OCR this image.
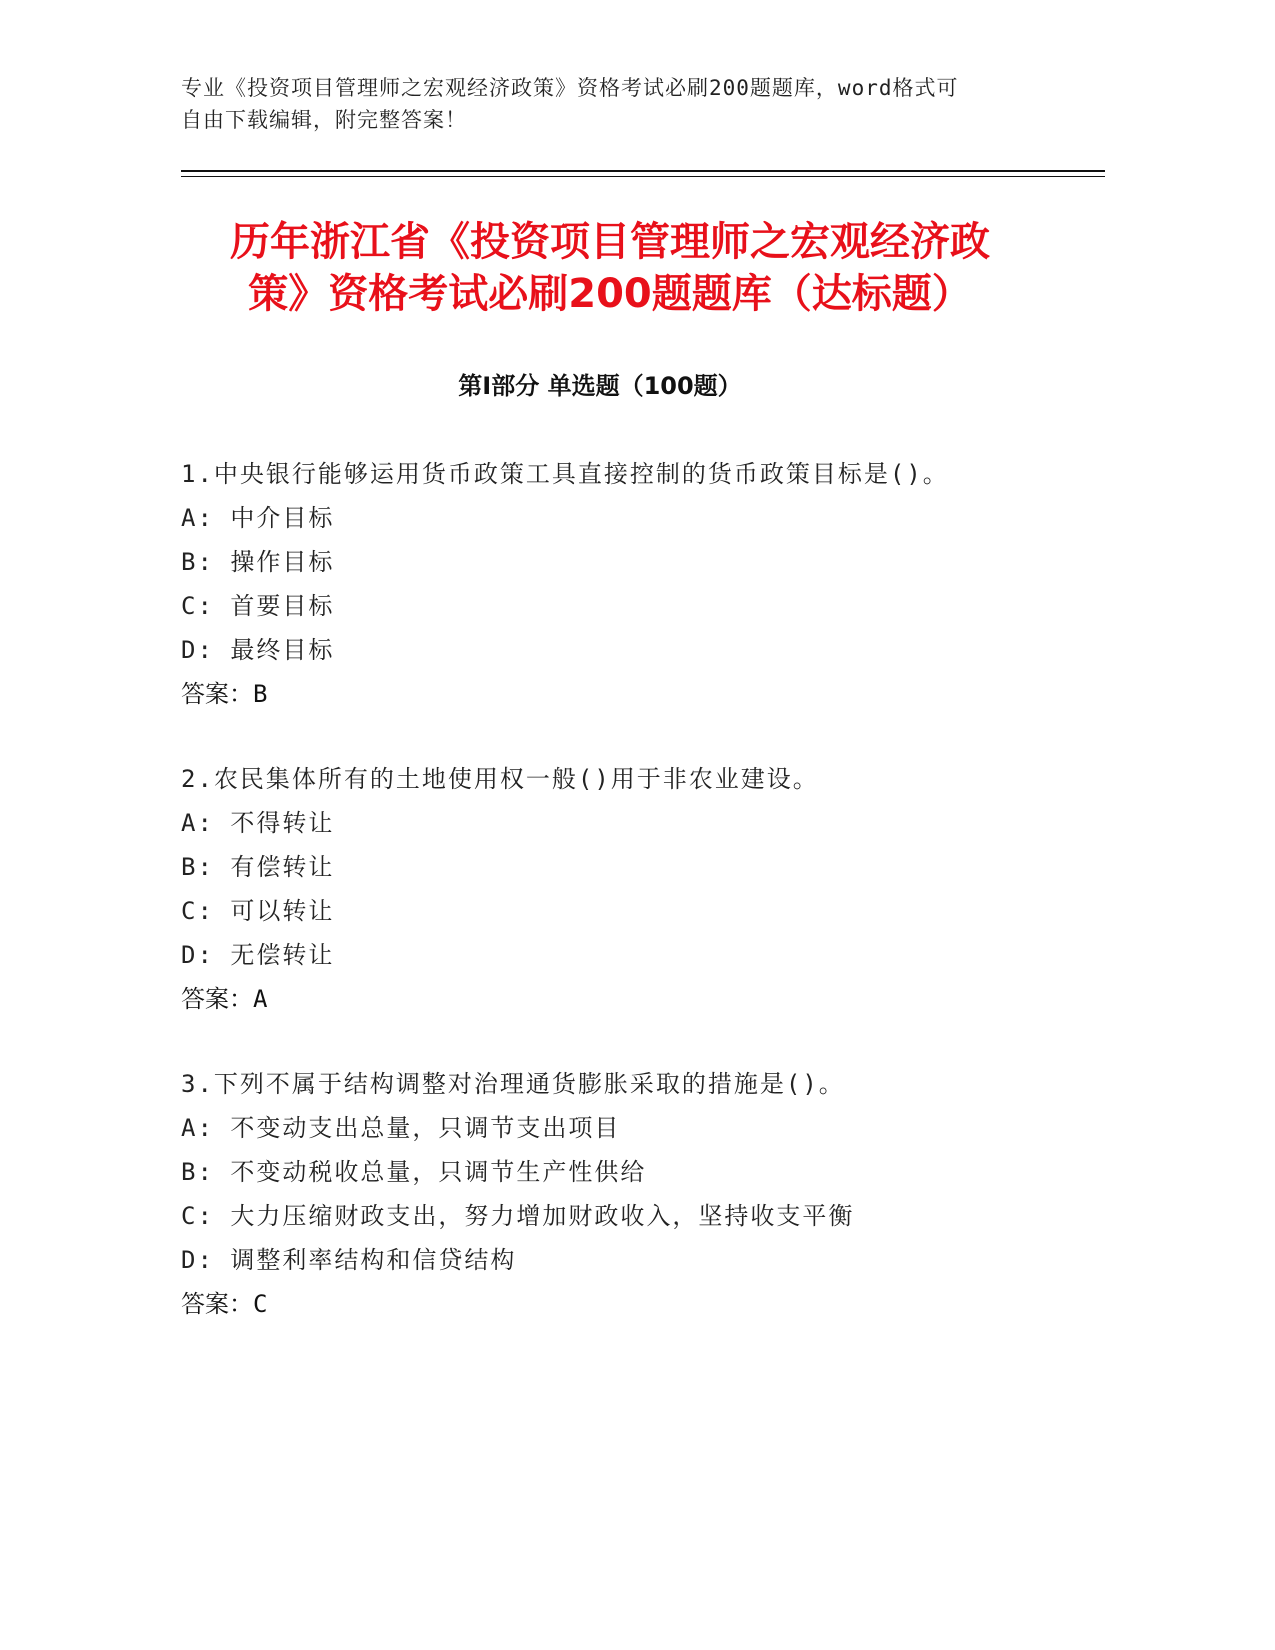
专业《投资项目管理师之宏观经济政策》资格考试必刷200题题库，word格式可
自由下载编辑，附完整答案！
历年浙江省《投资项目管理师之宏观经济政
策》资格考试必刷200题题库（达标题）
第Ⅰ部分 单选题（100题）
1.中央银行能够运用货币政策工具直接控制的货币政策目标是()。
A: 中介目标
B: 操作目标
C: 首要目标
D: 最终目标
答案：B
2.农民集体所有的土地使用权一般()用于非农业建设。
A: 不得转让
B: 有偿转让
C: 可以转让
D: 无偿转让
答案：A
3.下列不属于结构调整对治理通货膨胀采取的措施是()。
A: 不变动支出总量，只调节支出项目
B: 不变动税收总量，只调节生产性供给
C: 大力压缩财政支出，努力增加财政收入，坚持收支平衡
D: 调整利率结构和信贷结构
答案：C
